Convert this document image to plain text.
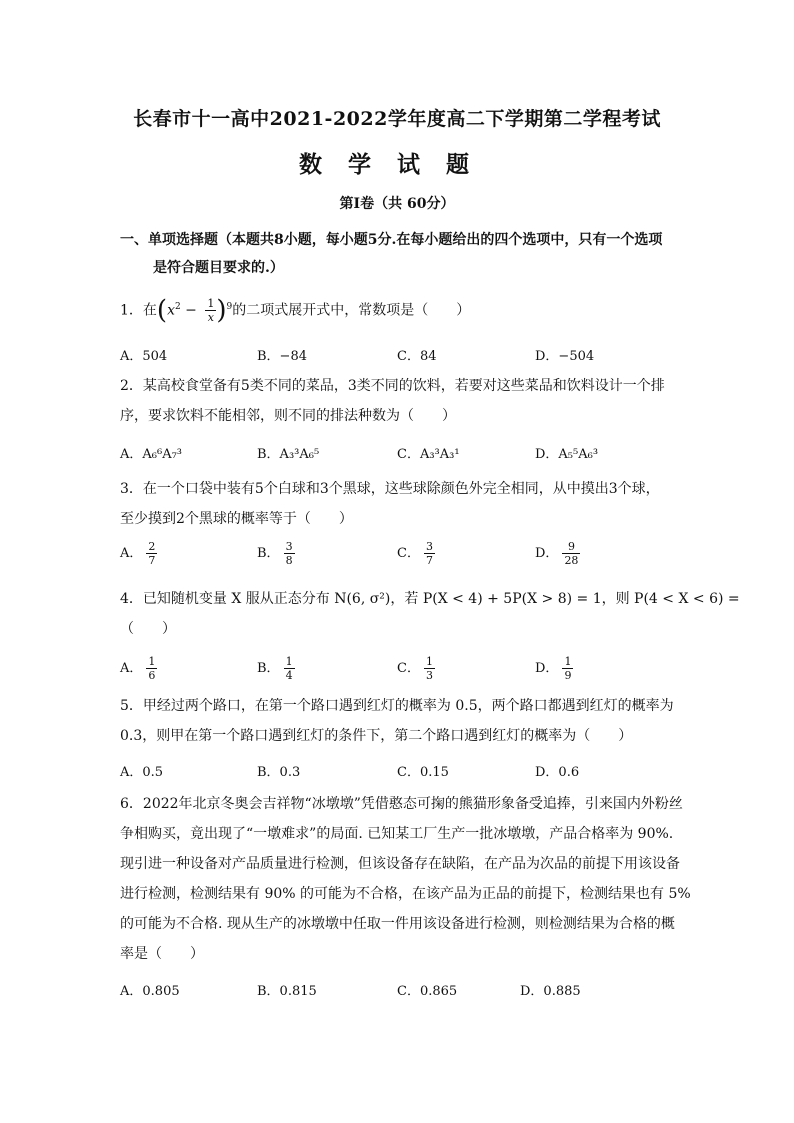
长春市十一高中2021-2022学年度高二下学期第二学程考试
数学试题
第Ⅰ卷（共 60分）
一、单项选择题（本题共8小题，每小题5分.在每小题给出的四个选项中，只有一个选项
是符合题目要求的.）
1．在$(x^2 - \frac{1}{x} )^9$的二项式展开式中，常数项是（　　）
A．504	B．−84	C．84	D．−504
2．某高校食堂备有5类不同的菜品，3类不同的饮料，若要对这些菜品和饮料设计一个排
序，要求饮料不能相邻，则不同的排法种数为（　　）
A．A₆⁶A₇³	B．A₃³A₆⁵	C．A₃³A₃¹	D．A₅⁵A₆³
3．在一个口袋中装有5个白球和3个黑球，这些球除颜色外完全相同，从中摸出3个球，
至少摸到2个黑球的概率等于（　　）
A． $\frac{2}{7}$	B． $\frac{3}{8}$	C． $\frac{3}{7}$	D． $\frac{9}{28}$
4．已知随机变量 X 服从正态分布 N(6, σ²)，若 P(X < 4) + 5P(X > 8) = 1，则 P(4 < X < 6) =
（　　）
A． $\frac{1}{6}$	B． $\frac{1}{4}$	C． $\frac{1}{3}$	D． $\frac{1}{9}$
5．甲经过两个路口，在第一个路口遇到红灯的概率为 0.5，两个路口都遇到红灯的概率为
0.3，则甲在第一个路口遇到红灯的条件下，第二个路口遇到红灯的概率为（　　）
A．0.5	B．0.3	C．0.15	D．0.6
6．2022年北京冬奥会吉祥物“冰墩墩”凭借憨态可掬的熊猫形象备受追捧，引来国内外粉丝
争相购买，竟出现了“一墩难求”的局面. 已知某工厂生产一批冰墩墩，产品合格率为 90%.
现引进一种设备对产品质量进行检测，但该设备存在缺陷，在产品为次品的前提下用该设备
进行检测，检测结果有 90% 的可能为不合格，在该产品为正品的前提下，检测结果也有 5%
的可能为不合格. 现从生产的冰墩墩中任取一件用该设备进行检测，则检测结果为合格的概
率是（　　）
A．0.805	B．0.815	C．0.865	D．0.885
